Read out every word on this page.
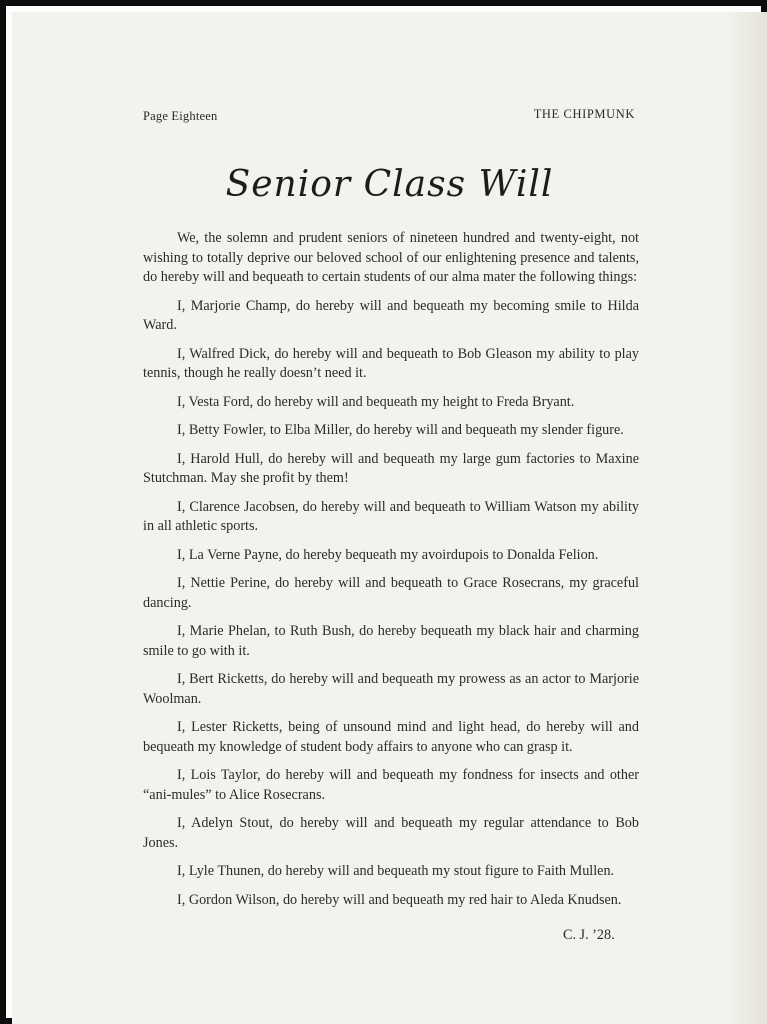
Page Eighteen	THE CHIPMUNK
Senior Class Will

We, the solemn and prudent seniors of nineteen hundred and twenty-eight, not wishing to totally deprive our beloved school of our enlightening presence and talents, do hereby will and bequeath to certain students of our alma mater the following things:

I, Marjorie Champ, do hereby will and bequeath my becoming smile to Hilda Ward.

I, Walfred Dick, do hereby will and bequeath to Bob Gleason my ability to play tennis, though he really doesn’t need it.

I, Vesta Ford, do hereby will and bequeath my height to Freda Bryant.

I, Betty Fowler, to Elba Miller, do hereby will and bequeath my slender figure.

I, Harold Hull, do hereby will and bequeath my large gum factories to Maxine Stutchman. May she profit by them!

I, Clarence Jacobsen, do hereby will and bequeath to William Watson my ability in all athletic sports.

I, La Verne Payne, do hereby bequeath my avoirdupois to Donalda Felion.

I, Nettie Perine, do hereby will and bequeath to Grace Rosecrans, my graceful dancing.

I, Marie Phelan, to Ruth Bush, do hereby bequeath my black hair and charming smile to go with it.

I, Bert Ricketts, do hereby will and bequeath my prowess as an actor to Marjorie Woolman.

I, Lester Ricketts, being of unsound mind and light head, do hereby will and bequeath my knowledge of student body affairs to anyone who can grasp it.

I, Lois Taylor, do hereby will and bequeath my fondness for insects and other “ani-mules” to Alice Rosecrans.

I, Adelyn Stout, do hereby will and bequeath my regular attendance to Bob Jones.

I, Lyle Thunen, do hereby will and bequeath my stout figure to Faith Mullen.

I, Gordon Wilson, do hereby will and bequeath my red hair to Aleda Knudsen.

C. J. ’28.
